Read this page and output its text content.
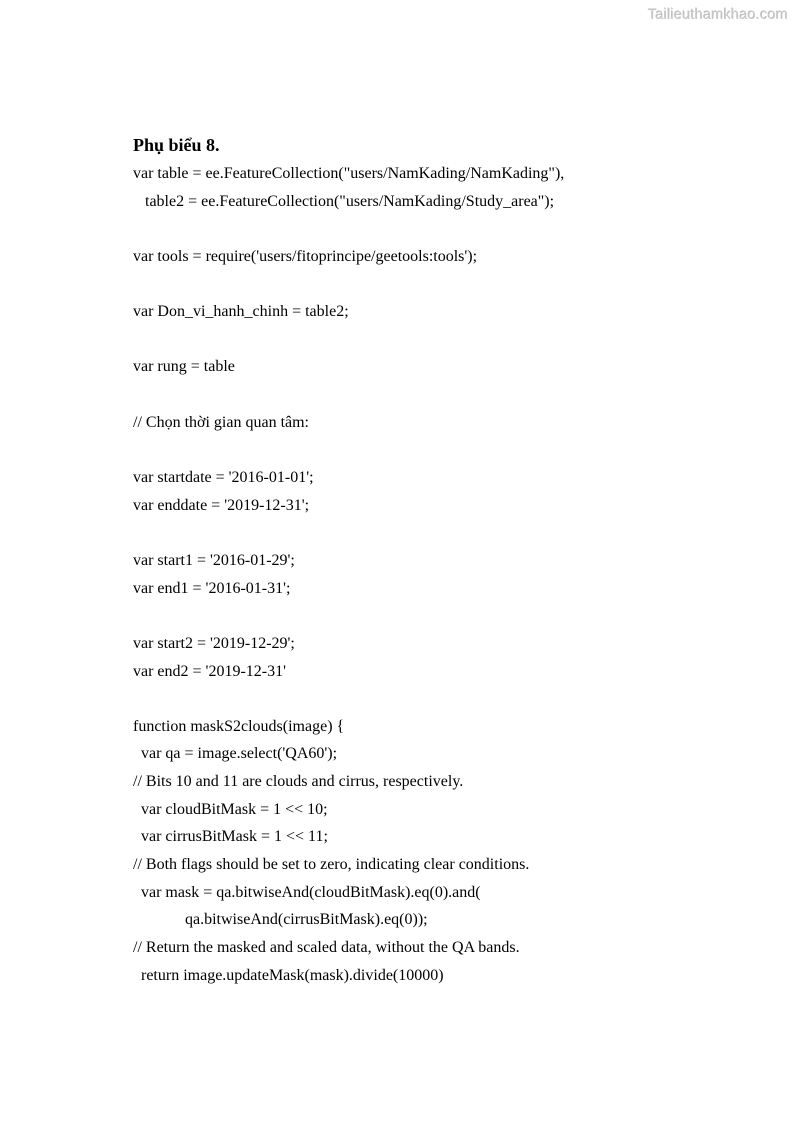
Tailieuthamkhao.com
Phụ biểu 8.
var table = ee.FeatureCollection("users/NamKading/NamKading"),
table2 = ee.FeatureCollection("users/NamKading/Study_area");

var tools = require('users/fitoprincipe/geetools:tools');

var Don_vi_hanh_chinh = table2;

var rung = table

// Chọn thời gian quan tâm:

var startdate = '2016-01-01';
var enddate = '2019-12-31';

var start1 = '2016-01-29';
var end1 = '2016-01-31';

var start2 = '2019-12-29';
var end2 = '2019-12-31'

function maskS2clouds(image) {
var qa = image.select('QA60');
// Bits 10 and 11 are clouds and cirrus, respectively.
var cloudBitMask = 1 << 10;
var cirrusBitMask = 1 << 11;
// Both flags should be set to zero, indicating clear conditions.
var mask = qa.bitwiseAnd(cloudBitMask).eq(0).and(
qa.bitwiseAnd(cirrusBitMask).eq(0));
// Return the masked and scaled data, without the QA bands.
return image.updateMask(mask).divide(10000)
